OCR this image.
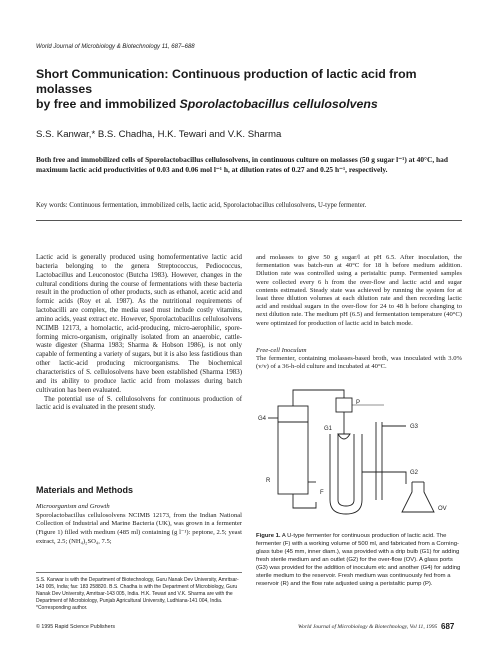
World Journal of Microbiology & Biotechnology 11, 687–688
Short Communication: Continuous production of lactic acid from molasses
by free and immobilized Sporolactobacillus cellulosolvens
S.S. Kanwar,* B.S. Chadha, H.K. Tewari and V.K. Sharma
Both free and immobilized cells of Sporolactobacillus cellulosolvens, in continuous culture on molasses (50 g sugar l⁻¹) at 40°C, had maximum lactic acid productivities of 0.03 and 0.06 mol l⁻¹ h, at dilution rates of 0.27 and 0.25 h⁻¹, respectively.
Key words: Continuous fermentation, immobilized cells, lactic acid, Sporolactobacillus cellulosolvens, U-type fermenter.

Lactic acid is generally produced using homofermentative lactic acid bacteria belonging to the genera Streptococcus, Pediococcus, Lactobacillus and Leuconostoc (Butcha 1983). However, changes in the cultural conditions during the course of fermentations with these bacteria result in the production of other products, such as ethanol, acetic acid and formic acids (Roy et al. 1987). As the nutritional requirements of lactobacilli are complex, the media used must include costly vitamins, amino acids, yeast extract etc. However, Sporolactobacillus cellulosolvens NCIMB 12173, a homolactic, acid-producing, micro-aerophilic, spore-forming micro-organism, originally isolated from an anaerobic, cattle-waste digester (Sharma 1983; Sharma & Hobson 1986), is not only capable of fermenting a variety of sugars, but it is also less fastidious than other lactic-acid producing microorganisms. The biochemical characteristics of S. cellulosolvens have been established (Sharma 1983) and its ability to produce lactic acid from molasses during batch cultivation has been evaluated.

The potential use of S. cellulosolvens for continuous production of lactic acid is evaluated in the present study.

Materials and Methods
Microorganism and Growth

Sporolactobacillus cellulosolvens NCIMB 12173, from the Indian National Collection of Industrial and Marine Bacteria (UK), was grown in a fermenter (Figure 1) filled with medium (485 ml) containing (g l⁻¹): peptone, 2.5; yeast extract, 2.5; (NH₄)₂SO₄, 7.5;

S.S. Kanwar is with the Department of Biotechnology, Guru Nanak Dev University, Amritsar-143 005, India; fax: 183 258820. B.S. Chadha is with the Department of Microbiology, Guru Nanak Dev University, Amritsar-143 005, India. H.K. Tewari and V.K. Sharma are with the Department of Microbiology, Punjab Agricultural University, Ludhiana-141 004, India. *Corresponding author.
© 1995 Rapid Science Publishers
and molasses to give 50 g sugar/l at pH 6.5. After inoculation, the fermentation was batch-run at 40°C for 18 h before medium addition. Dilution rate was controlled using a peristaltic pump. Fermented samples were collected every 6 h from the over-flow and lactic acid and sugar contents estimated. Steady state was achieved by running the system for at least three dilution volumes at each dilution rate and then recording lactic acid and residual sugars in the over-flow for 24 to 48 h before changing to next dilution rate. The medium pH (6.5) and fermentation temperature (40°C) were optimized for production of lactic acid in batch mode.
Free-cell Inoculum

The fermenter, containing molasses-based broth, was inoculated with 3.0% (v/v) of a 36-h-old culture and incubated at 40°C.

P
G4
G1	G3
G2
R
F
OV
Figure 1. A U-type fermenter for continuous production of lactic acid. The fermenter (F) with a working volume of 500 ml, and fabricated from a Corning-glass tube (45 mm, inner diam.), was provided with a drip bulb (G1) for adding fresh sterile medium and an outlet (G2) for the over-flow (OV). A glass ports (G3) was provided for the addition of inoculum etc and another (G4) for adding sterile medium to the reservoir. Fresh medium was continuously fed from a reservoir (R) and the flow rate adjusted using a peristaltic pump (P).
World Journal of Microbiology & Biotechnology, Vol 11, 1995 687
